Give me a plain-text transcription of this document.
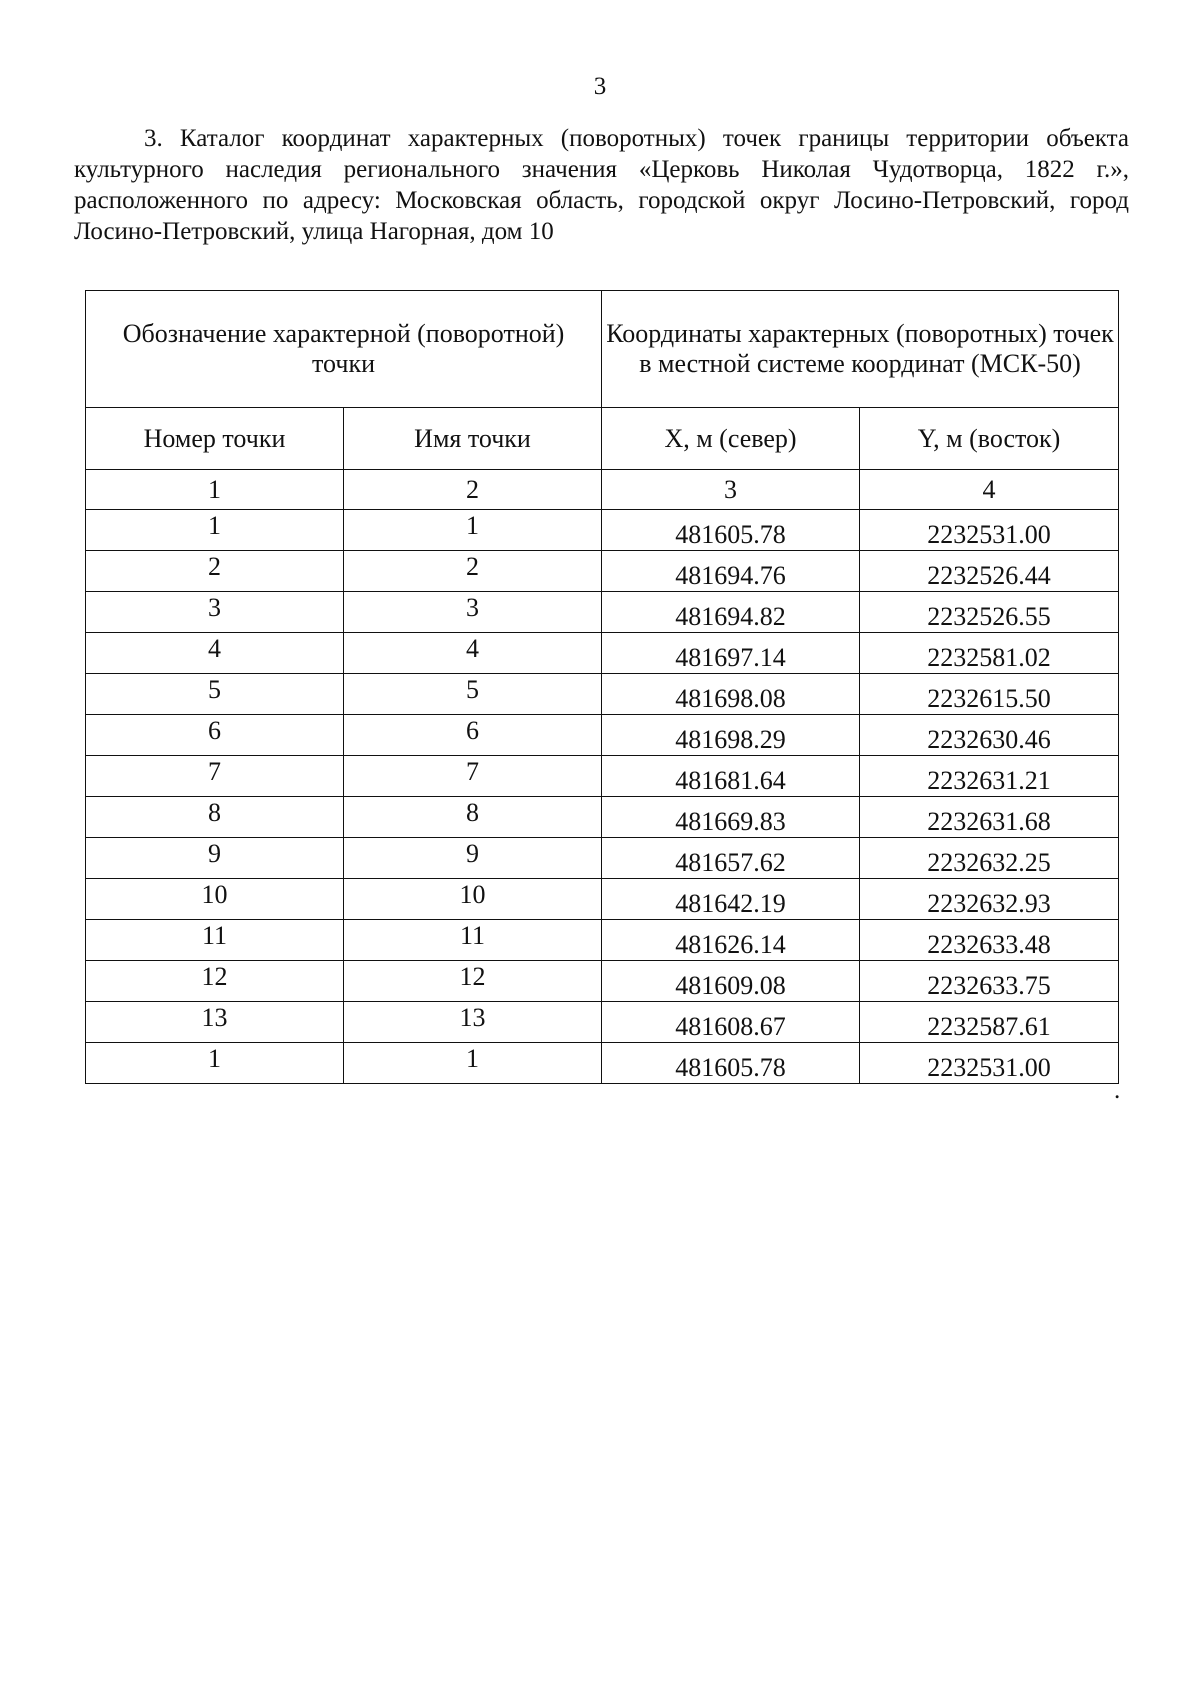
3

3. Каталог координат характерных (поворотных) точек границы территории объекта культурного наследия регионального значения «Церковь Николая Чудотворца, 1822 г.», расположенного по адресу: Московская область, городской округ Лосино-Петровский, город Лосино-Петровский, улица Нагорная, дом 10

Обозначение характерной (поворотной) точки		Координаты характерных (поворотных) точек в местной системе координат (МСК-50)	
Номер точки	Имя точки	X, м (север)	Y, м (восток)
1	2	3	4
1	1	481605.78	2232531.00
2	2	481694.76	2232526.44
3	3	481694.82	2232526.55
4	4	481697.14	2232581.02
5	5	481698.08	2232615.50
6	6	481698.29	2232630.46
7	7	481681.64	2232631.21
8	8	481669.83	2232631.68
9	9	481657.62	2232632.25
10	10	481642.19	2232632.93
11	11	481626.14	2232633.48
12	12	481609.08	2232633.75
13	13	481608.67	2232587.61
1	1	481605.78	2232531.00
.
